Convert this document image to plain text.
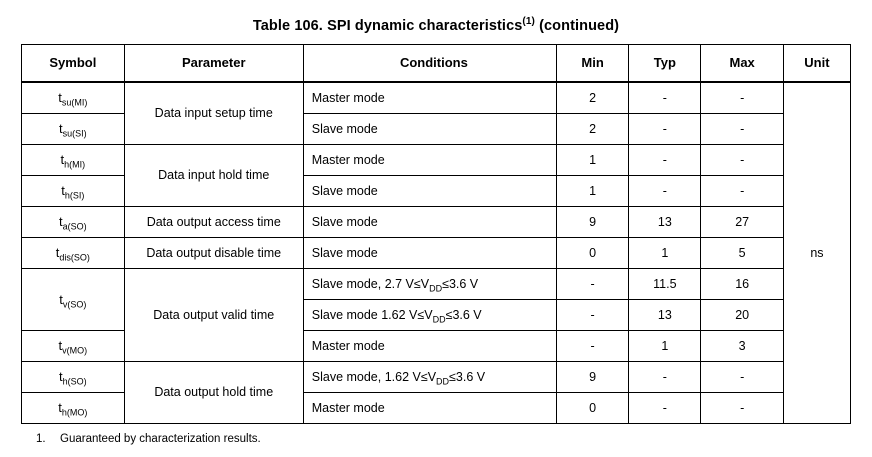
Table 106. SPI dynamic characteristics$^{(1)}$ (continued)
Symbol	Parameter	Conditions	Min	Typ	Max	Unit
$t_{su(MI)}$	Data input setup time	Master mode	2	-	-	ns
$t_{su(SI)}$		Slave mode	2	-	-	
$t_{h(MI)}$	Data input hold time	Master mode	1	-	-	
$t_{h(SI)}$		Slave mode	1	-	-	
$t_{a(SO)}$	Data output access time	Slave mode	9	13	27	
$t_{dis(SO)}$	Data output disable time	Slave mode	0	1	5	
$t_{v(SO)}$	Data output valid time	Slave mode, 2.7 $V\le V_{DD}\le 3.6$ V	-	11.5	16	
		Slave mode 1.62 $V\le V_{DD}\le 3.6$ V	-	13	20	
$t_{v(MO)}$		Master mode	-	1	3	
$t_{h(SO)}$	Data output hold time	Slave mode, 1.62 $V\le V_{DD}\le 3.6$ V	9	-	-	
$t_{h(MO)}$		Master mode	0	-	-	
1. Guaranteed by characterization results.
